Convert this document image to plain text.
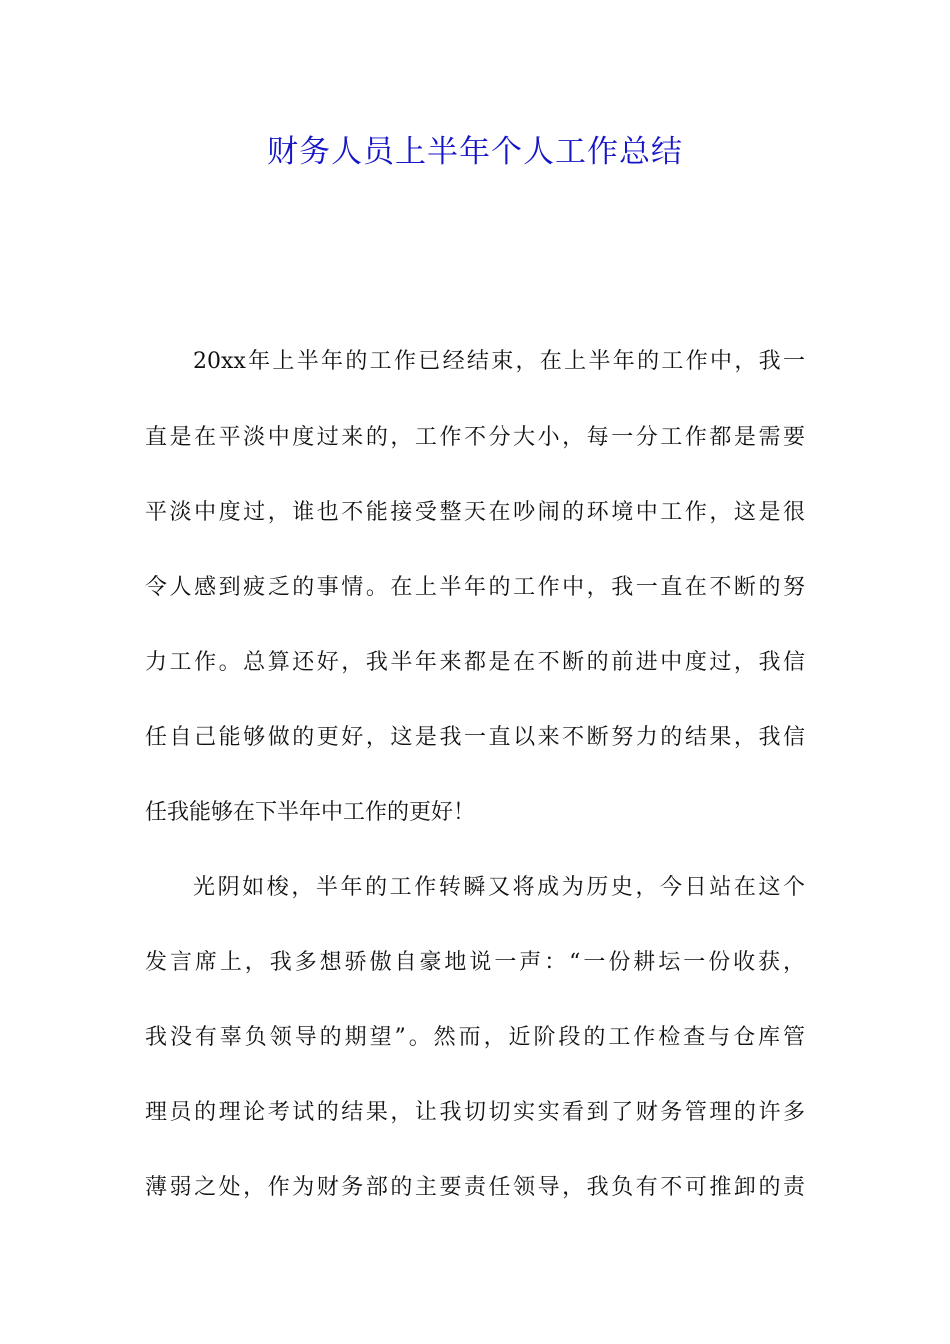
财务人员上半年个人工作总结

20xx年上半年的工作已经结束，在上半年的工作中，我一

直是在平淡中度过来的，工作不分大小，每一分工作都是需要

平淡中度过，谁也不能接受整天在吵闹的环境中工作，这是很

令人感到疲乏的事情。在上半年的工作中，我一直在不断的努

力工作。总算还好，我半年来都是在不断的前进中度过，我信

任自己能够做的更好，这是我一直以来不断努力的结果，我信

任我能够在下半年中工作的更好！

光阴如梭，半年的工作转瞬又将成为历史，今日站在这个

发言席上，我多想骄傲自豪地说一声：“一份耕坛一份收获，

我没有辜负领导的期望”。然而，近阶段的工作检查与仓库管

理员的理论考试的结果，让我切切实实看到了财务管理的许多

薄弱之处，作为财务部的主要责任领导，我负有不可推卸的责
